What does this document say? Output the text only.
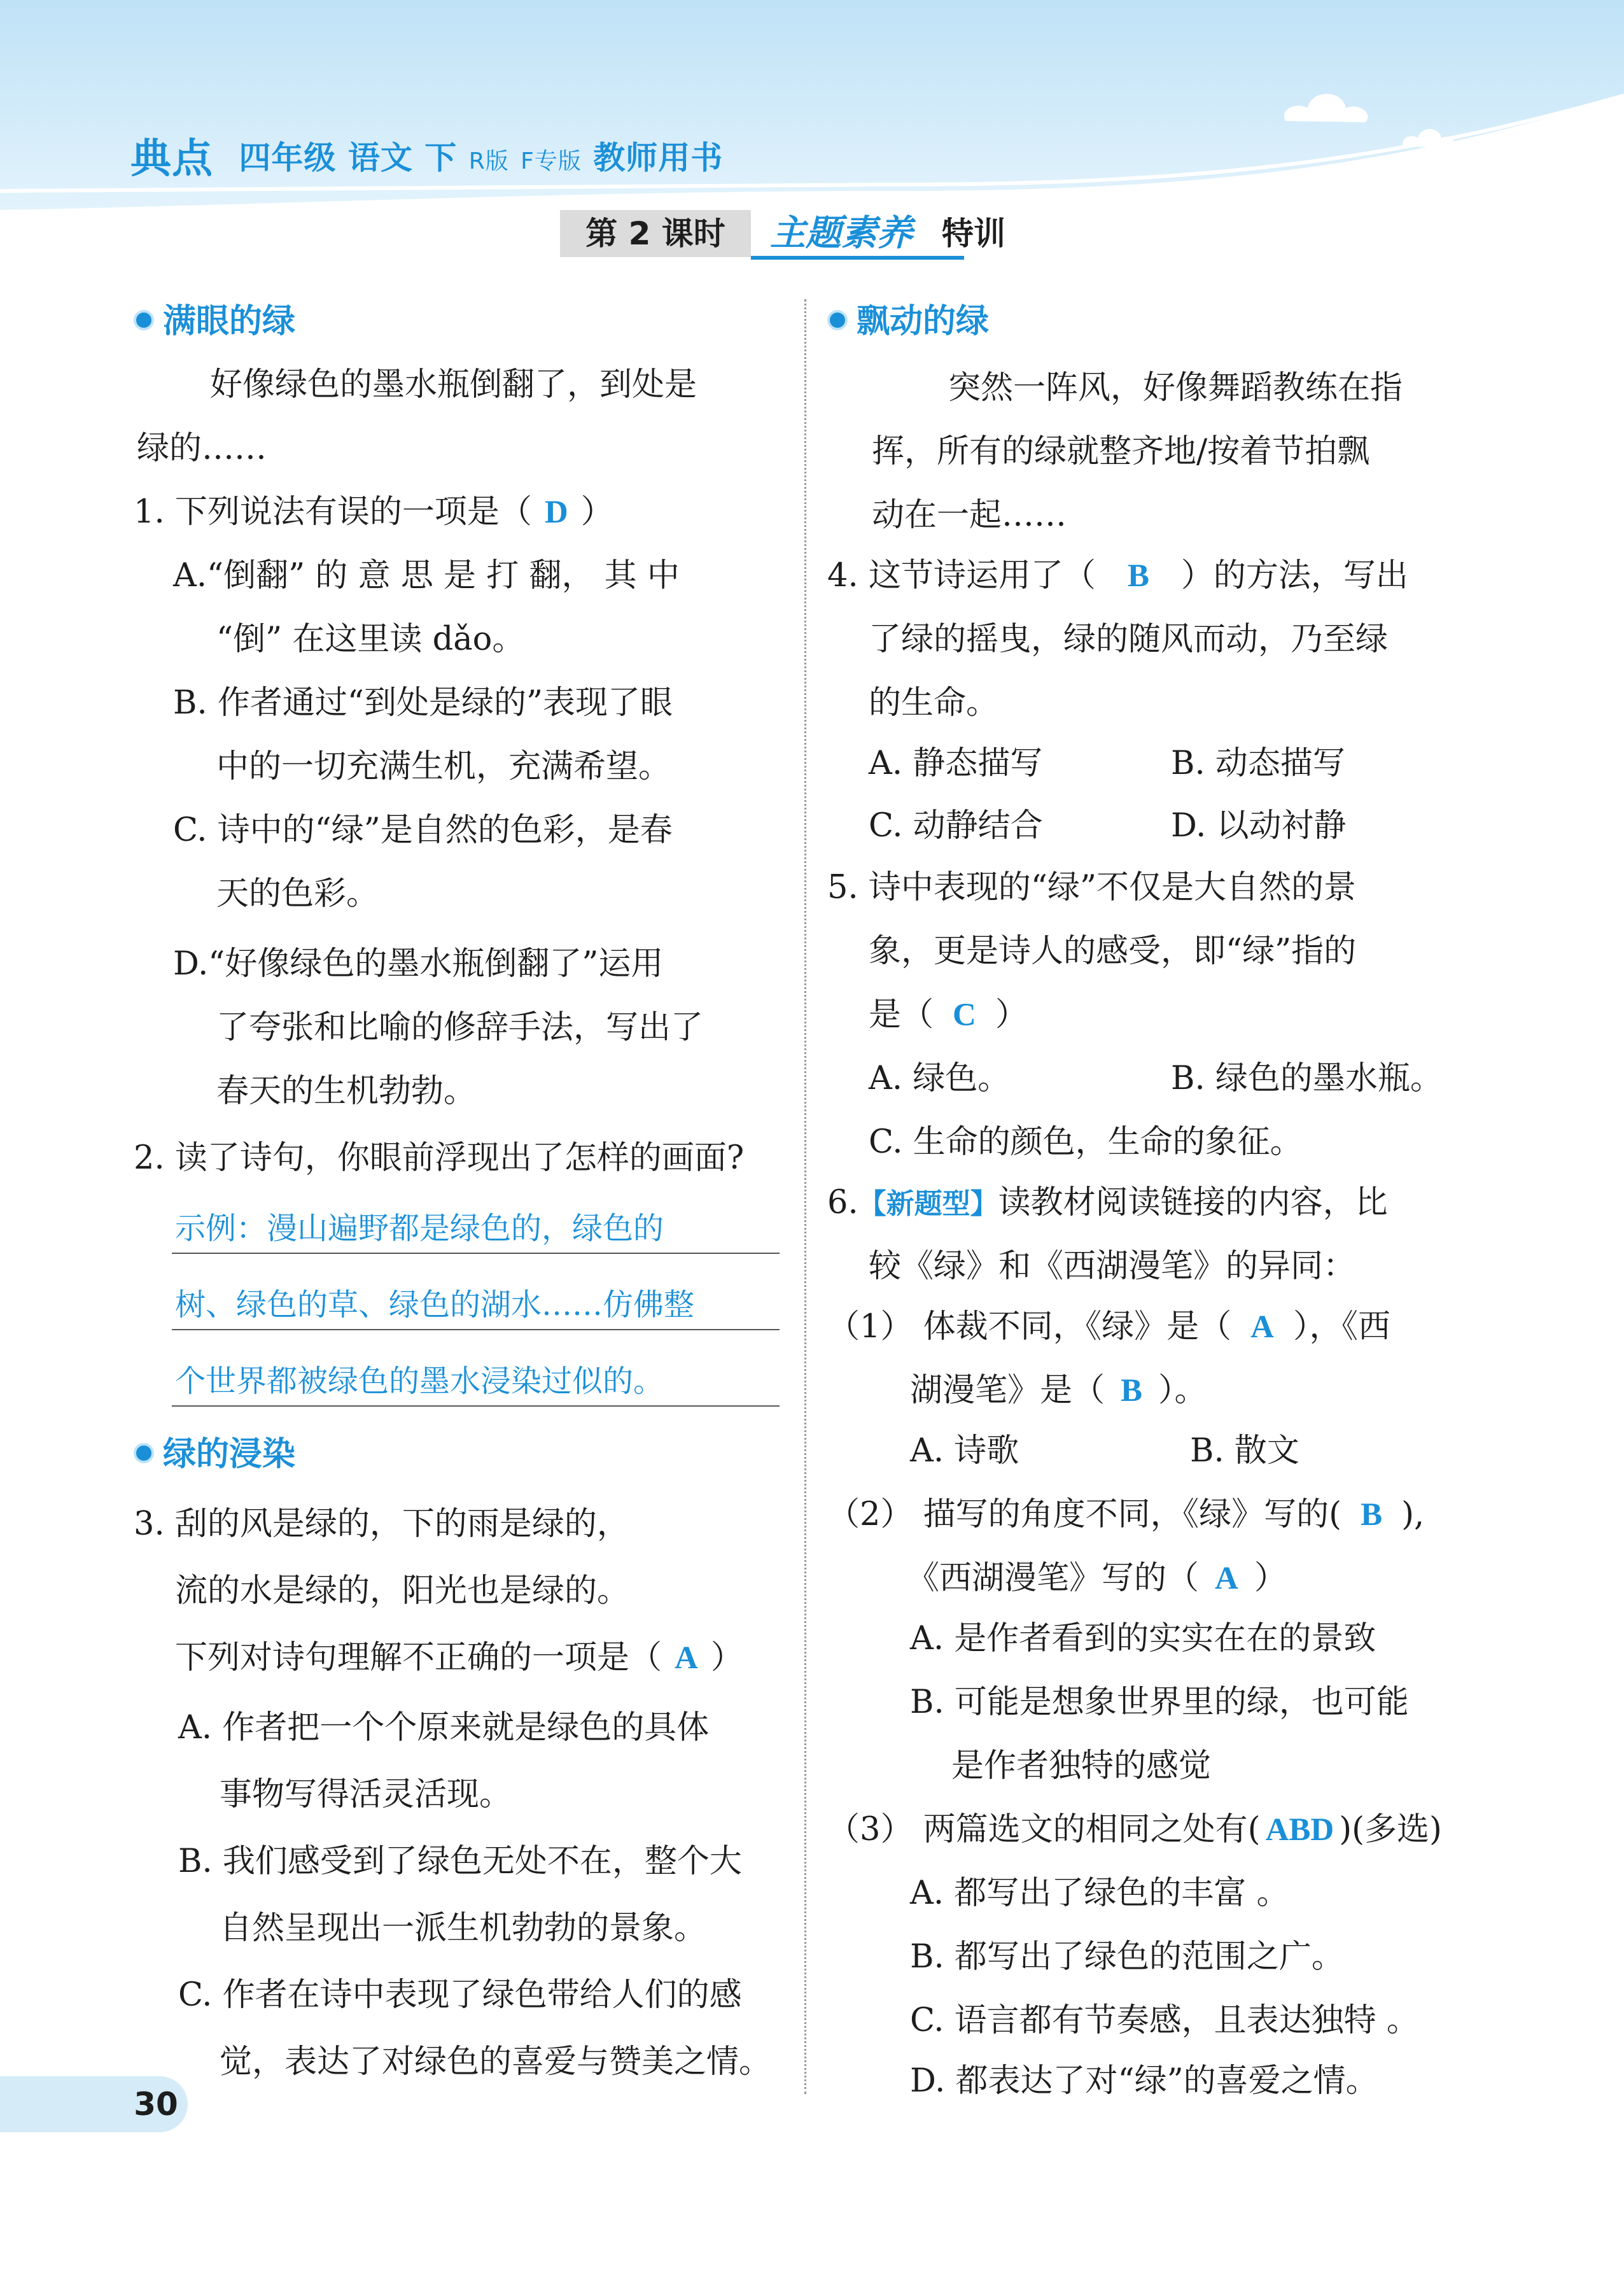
典点 四年级 语文 下 R版 F专版 教师用书
第 2 课时	主题素养 特训
满眼的绿
好像绿色的墨水瓶倒翻了，到处是
绿的……
1. 下列说法有误的一项是（ D ）
A.“倒翻” 的 意 思 是 打 翻， 其 中
“倒” 在这里读 dǎo。
B. 作者通过“到处是绿的”表现了眼
中的一切充满生机，充满希望。
C. 诗中的“绿”是自然的色彩，是春
天的色彩。
D.“好像绿色的墨水瓶倒翻了”运用
了夸张和比喻的修辞手法，写出了
春天的生机勃勃。
2. 读了诗句，你眼前浮现出了怎样的画面?
示例：漫山遍野都是绿色的，绿色的
树、绿色的草、绿色的湖水……仿佛整
个世界都被绿色的墨水浸染过似的。
绿的浸染
3. 刮的风是绿的，下的雨是绿的，
流的水是绿的，阳光也是绿的。
下列对诗句理解不正确的一项是（ A ）
A. 作者把一个个原来就是绿色的具体
事物写得活灵活现。
B. 我们感受到了绿色无处不在，整个大
自然呈现出一派生机勃勃的景象。
C. 作者在诗中表现了绿色带给人们的感
觉，表达了对绿色的喜爱与赞美之情。
飘动的绿
突然一阵风，好像舞蹈教练在指
挥，所有的绿就整齐地/按着节拍飘
动在一起……
4. 这节诗运用了（ B ）的方法，写出
了绿的摇曳，绿的随风而动，乃至绿
的生命。
A. 静态描写	B. 动态描写
C. 动静结合	D. 以动衬静
5. 诗中表现的“绿”不仅是大自然的景
象，更是诗人的感受，即“绿”指的
是（ C ）
A. 绿色。	B. 绿色的墨水瓶。
C. 生命的颜色，生命的象征。
6.【新题型】读教材阅读链接的内容，比
较《绿》和《西湖漫笔》的异同：
（1） 体裁不同，《绿》是（ A ），《西
湖漫笔》是（ B ）。
A. 诗歌	B. 散文
（2） 描写的角度不同，《绿》写的( B ),
《西湖漫笔》写的（ A ）
A. 是作者看到的实实在在的景致
B. 可能是想象世界里的绿，也可能
是作者独特的感觉
（3） 两篇选文的相同之处有( ABD )(多选)
A. 都写出了绿色的丰富 。
B. 都写出了绿色的范围之广。
C. 语言都有节奏感，且表达独特 。
D. 都表达了对“绿”的喜爱之情。
30
